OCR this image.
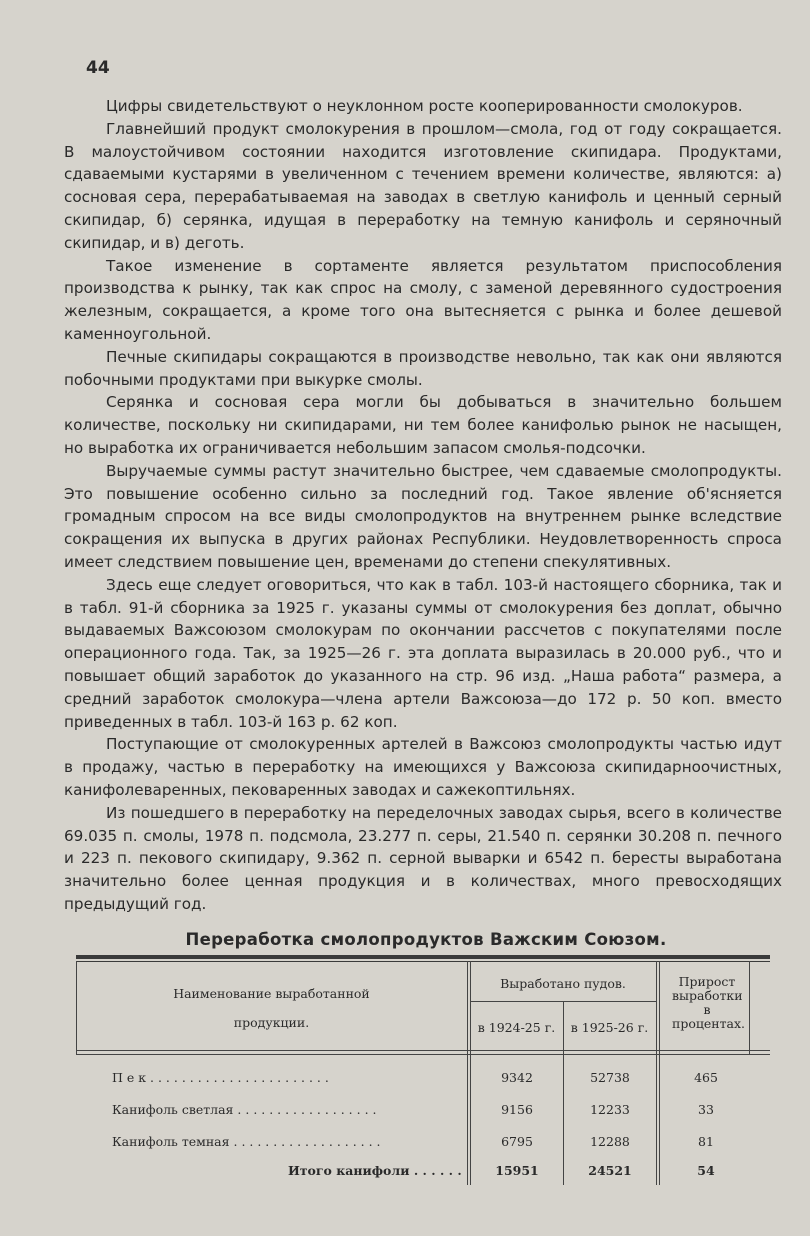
44

Цифры свидетельствуют о неуклонном росте кооперированности смолокуров.

Главнейший продукт смолокурения в прошлом—смола, год от году сокращается. В малоустойчивом состоянии находится изготовление скипидара. Продуктами, сдаваемыми кустарями в увеличенном с течением времени количестве, являются: а) сосновая сера, перерабатываемая на заводах в светлую канифоль и ценный серный скипидар, б) серянка, идущая в переработку на темную канифоль и серяночный скипидар, и в) деготь.

Такое изменение в сортаменте является результатом приспособления производства к рынку, так как спрос на смолу, с заменой деревянного судостроения железным, сокращается, а кроме того она вытесняется с рынка и более дешевой каменноугольной.

Печные скипидары сокращаются в производстве невольно, так как они являются побочными продуктами при выкурке смолы.

Серянка и сосновая сера могли бы добываться в значительно большем количестве, поскольку ни скипидарами, ни тем более канифолью рынок не насыщен, но выработка их ограничивается небольшим запасом смолья-подсочки.

Выручаемые суммы растут значительно быстрее, чем сдаваемые смолопродукты. Это повышение особенно сильно за последний год. Такое явление об'ясняется громадным спросом на все виды смолопродуктов на внутреннем рынке вследствие сокращения их выпуска в других районах Республики. Неудовлетворенность спроса имеет следствием повышение цен, временами до степени спекулятивных.

Здесь еще следует оговориться, что как в табл. 103-й настоящего сборника, так и в табл. 91-й сборника за 1925 г. указаны суммы от смолокурения без доплат, обычно выдаваемых Важсоюзом смолокурам по окончании рассчетов с покупателями после операционного года. Так, за 1925—26 г. эта доплата выразилась в 20.000 руб., что и повышает общий заработок до указанного на стр. 96 изд. „Наша работа“ размера, а средний заработок смолокура—члена артели Важсоюза—до 172 р. 50 коп. вместо приведенных в табл. 103-й 163 р. 62 коп.

Поступающие от смолокуренных артелей в Важсоюз смолопродукты частью идут в продажу, частью в переработку на имеющихся у Важсоюза скипидарноочистных, канифолеваренных, пековаренных заводах и сажекоптильнях.

Из пошедшего в переработку на переделочных заводах сырья, всего в количестве 69.035 п. смолы, 1978 п. подсмола, 23.277 п. серы, 21.540 п. серянки 30.208 п. печного и 223 п. пекового скипидару, 9.362 п. серной выварки и 6542 п. бересты выработана значительно более ценная продукция и в количествах, много превосходящих предыдущий год.

Переработка смолопродуктов Важским Союзом.
Наименование выработанной
продукции.
Выработано пудов.
в 1924-25 г.	в 1925-26 г.
Прирост выработки в процентах.
П е к . . . . . . . . . . . . . . . . . . . . . . .	9342	52738	465
Канифоль светлая . . . . . . . . . . . . . . . . . .	9156	12233	33
Канифоль темная . . . . . . . . . . . . . . . . . . .	6795	12288	81
Итого канифоли . . . . . .	15951	24521	54
